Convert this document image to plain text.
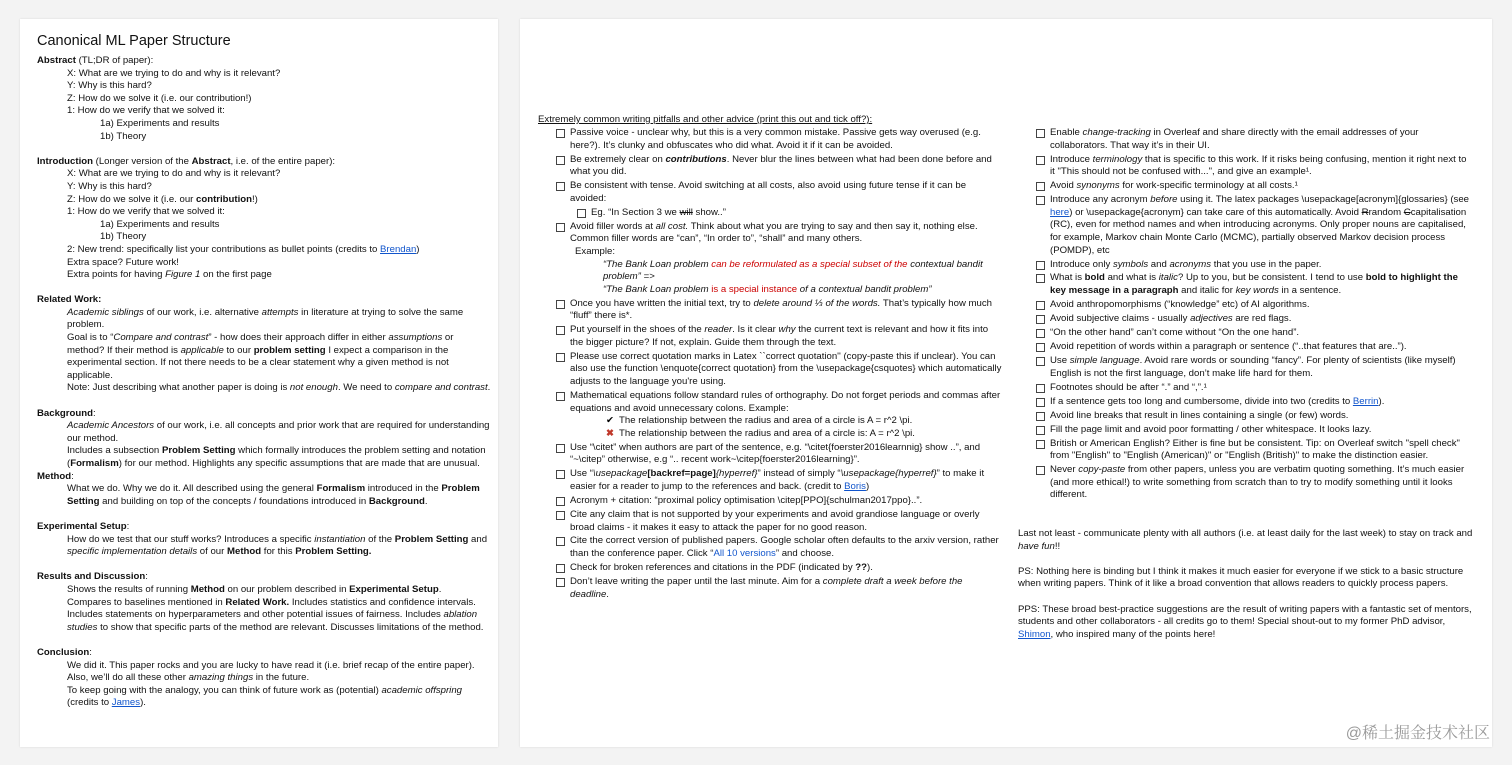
Canonical ML Paper Structure
Abstract (TL;DR of paper):
X: What are we trying to do and why is it relevant?
Y: Why is this hard?
Z: How do we solve it (i.e. our contribution!)
1: How do we verify that we solved it:
1a) Experiments and results
1b) Theory
Introduction (Longer version of the Abstract, i.e. of the entire paper):
X: What are we trying to do and why is it relevant?
Y: Why is this hard?
Z: How do we solve it (i.e. our contribution!)
1: How do we verify that we solved it:
1a) Experiments and results
1b) Theory
2: New trend: specifically list your contributions as bullet points (credits to Brendan)
Extra space? Future work!
Extra points for having Figure 1 on the first page
Related Work:
Academic siblings of our work, i.e. alternative attempts in literature at trying to solve the same problem.
Goal is to “Compare and contrast” - how does their approach differ in either assumptions or method? If their method is applicable to our problem setting I expect a comparison in the experimental section. If not there needs to be a clear statement why a given method is not applicable.
Note: Just describing what another paper is doing is not enough. We need to compare and contrast.
Background:
Academic Ancestors of our work, i.e. all concepts and prior work that are required for understanding our method.
Includes a subsection Problem Setting which formally introduces the problem setting and notation (Formalism) for our method. Highlights any specific assumptions that are made that are unusual.
Method:
What we do. Why we do it. All described using the general Formalism introduced in the Problem Setting and building on top of the concepts / foundations introduced in Background.
Experimental Setup:
How do we test that our stuff works? Introduces a specific instantiation of the Problem Setting and specific implementation details of our Method for this Problem Setting.
Results and Discussion:
Shows the results of running Method on our problem described in Experimental Setup.
Compares to baselines mentioned in Related Work. Includes statistics and confidence intervals.
Includes statements on hyperparameters and other potential issues of fairness. Includes ablation studies to show that specific parts of the method are relevant. Discusses limitations of the method.
Conclusion:
We did it. This paper rocks and you are lucky to have read it (i.e. brief recap of the entire paper).
Also, we’ll do all these other amazing things in the future.
To keep going with the analogy, you can think of future work as (potential) academic offspring (credits to James).
Extremely common writing pitfalls and other advice (print this out and tick off?):
Passive voice - unclear why, but this is a very common mistake. Passive gets way overused (e.g. here?). It’s clunky and obfuscates who did what. Avoid it if it can be avoided.
Be extremely clear on contributions. Never blur the lines between what had been done before and what you did.
Be consistent with tense. Avoid switching at all costs, also avoid using future tense if it can be avoided:
Eg. “In Section 3 we will show..”
Avoid filler words at all cost. Think about what you are trying to say and then say it, nothing else. Common filler words are “can”, “In order to”, “shall” and many others.
Example:
“The Bank Loan problem can be reformulated as a special subset of the contextual bandit problem” =>
“The Bank Loan problem is a special instance of a contextual bandit problem”
Once you have written the initial text, try to delete around ⅓ of the words. That’s typically how much “fluff” there is*.
Put yourself in the shoes of the reader. Is it clear why the current text is relevant and how it fits into the bigger picture? If not, explain. Guide them through the text.
Please use correct quotation marks in Latex ``correct quotation'' (copy-paste this if unclear). You can also use the function \enquote{correct quotation} from the \usepackage{csquotes} which automatically adjusts to the language you're using.
Mathematical equations follow standard rules of orthography. Do not forget periods and commas after equations and avoid unnecessary colons. Example:
✔ The relationship between the radius and area of a circle is A = r^2 \pi.
✖ The relationship between the radius and area of a circle is: A = r^2 \pi.
Use “\citet” when authors are part of the sentence, e.g. “\citet{foerster2016learnnig} show ..”, and “~\citep” otherwise, e.g “.. recent work~\citep{foerster2016learning}”.
Use “\usepackage[backref=page]{hyperref}” instead of simply “\usepackage{hyperref}” to make it easier for a reader to jump to the references and back. (credit to Boris)
Acronym + citation: “proximal policy optimisation \citep[PPO]{schulman2017ppo}..”.
Cite any claim that is not supported by your experiments and avoid grandiose language or overly broad claims - it makes it easy to attack the paper for no good reason.
Cite the correct version of published papers. Google scholar often defaults to the arxiv version, rather than the conference paper. Click “All 10 versions” and choose.
Check for broken references and citations in the PDF (indicated by ??).
Don’t leave writing the paper until the last minute. Aim for a complete draft a week before the deadline.
Enable change-tracking in Overleaf and share directly with the email addresses of your collaborators. That way it’s in their UI.
Introduce terminology that is specific to this work. If it risks being confusing, mention it right next to it "This should not be confused with...", and give an example¹.
Avoid synonyms for work-specific terminology at all costs.¹
Introduce any acronym before using it. The latex packages \usepackage[acronym]{glossaries} (see here) or \usepackage{acronym} can take care of this automatically. Avoid Rrandom Ccapitalisation (RC), even for method names and when introducing acronyms. Only proper nouns are capitalised, for example, Markov chain Monte Carlo (MCMC), partially observed Markov decision process (POMDP), etc
Introduce only symbols and acronyms that you use in the paper.
What is bold and what is italic? Up to you, but be consistent. I tend to use bold to highlight the key message in a paragraph and italic for key words in a sentence.
Avoid anthropomorphisms (“knowledge” etc) of AI algorithms.
Avoid subjective claims - usually adjectives are red flags.
“On the other hand” can’t come without “On the one hand”.
Avoid repetition of words within a paragraph or sentence (“..that features that are..”).
Use simple language. Avoid rare words or sounding “fancy”. For plenty of scientists (like myself) English is not the first language, don’t make life hard for them.
Footnotes should be after “.” and “,”.¹
If a sentence gets too long and cumbersome, divide into two (credits to Berrin).
Avoid line breaks that result in lines containing a single (or few) words.
Fill the page limit and avoid poor formatting / other whitespace. It looks lazy.
British or American English? Either is fine but be consistent. Tip: on Overleaf switch "spell check" from "English" to "English (American)" or "English (British)" to make the distinction easier.
Never copy-paste from other papers, unless you are verbatim quoting something. It’s much easier (and more ethical!) to write something from scratch than to try to modify something until it looks different.

Last not least - communicate plenty with all authors (i.e. at least daily for the last week) to stay on track and have fun!!

PS: Nothing here is binding but I think it makes it much easier for everyone if we stick to a basic structure when writing papers. Think of it like a broad convention that allows readers to quickly process papers.

PPS: These broad best-practice suggestions are the result of writing papers with a fantastic set of mentors, students and other collaborators - all credits go to them! Special shout-out to my former PhD advisor, Shimon, who inspired many of the points here!

@稀土掘金技术社区
